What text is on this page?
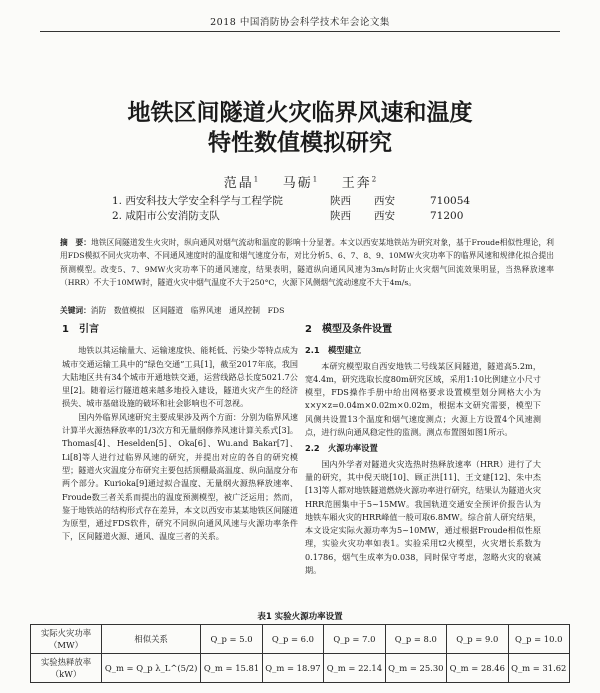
2018 中国消防协会科学技术年会论文集
地铁区间隧道火灾临界风速和温度
特性数值模拟研究
范晶$^1$ 马砺$^1$ 王奔$^2$
1. 西安科技大学安全科学与工程学院	陕西 西安	710054
2. 咸阳市公安消防支队	陕西 西安	71200
摘　要：地铁区间隧道发生火灾时，纵向通风对烟气流动和温度的影响十分显著。本文以西安某地铁站为研究对象，基于Froude相似性理论，利用FDS模拟不同火灾功率、不同通风速度时的温度和烟气速度分布，对比分析5、6、7、8、9、10MW火灾功率下的临界风速和规律化拟合提出预测模型。改变5、7、9MW火灾功率下的通风速度，结果表明，隧道纵向通风风速为3m/s时防止火灾烟气回流效果明显，当热释放速率（HRR）不大于10MW时，隧道火灾中烟气温度不大于250°C，火源下风侧烟气流动速度不大于4m/s。
关键词：消防　数值模拟　区间隧道　临界风速　通风控制　FDS
1　引言

地铁以其运输量大、运输速度快、能耗低、污染少等特点成为城市交通运输工具中的“绿色交通”工具[1]，截至2017年底，我国大陆地区共有34个城市开通地铁交通，运营线路总长度5021.7公里[2]。随着运行隧道越来越多地投入建设，隧道火灾产生的经济损失、城市基础设施的破坏和社会影响也不可忽视。

国内外临界风速研究主要成果涉及两个方面：分别为临界风速计算半火源热释放率的1/3次方和无量纲修养风速计算关系式[3]。Thomas[4]、Heselden[5]、Oka[6]、Wu.and Bakar[7]、Li[8]等人进行过临界风速的研究，并提出对应的各自的研究模型；隧道火灾温度分布研究主要包括顶棚最高温度、纵向温度分布两个部分。Kurioka[9]通过拟合温度、无量纲火源热释放速率、Froude数三者关系而提出的温度预测模型，被广泛运用；然而，鉴于地铁站的结构形式存在差异，本文以西安市某某地铁区间隧道为原型，通过FDS软件，研究不同纵向通风风速与火源功率条件下，区间隧道火源、通风、温度三者的关系。

2　模型及条件设置
2.1　模型建立

本研究模型取自西安地铁二号线某区间隧道，隧道高5.2m，宽4.4m，研究选取长度80m研究区域，采用1:10比例建立小尺寸模型，FDS操作手册中给出网格要求设置模型划分网格大小为x×y×z=0.04m×0.02m×0.02m，根据本文研究需要，模型下风侧共设置13个温度和烟气速度测点；火源上方设置4个风速测点，进行纵向通风稳定性的监测。测点布置图如图1所示。

2.2　火源功率设置

国内外学者对隧道火灾选热时热释放速率（HRR）进行了大量的研究，其中倪天晓[10]、顾正洪[11]、王文建[12]、朱中杰[13]等人都对地铁隧道燃烧火源功率进行研究，结果认为隧道火灾HRR范围集中于5~15MW。我国轨道交通安全预评价报告认为地铁车厢火灾的HRR峰值一般可取6.8MW。综合前人研究结果，本文设定实际火源功率为5~10MW，通过根据Froude相似性原理，实验火灾功率如表1。实验采用t2火模型，火灾增长系数为0.1786，烟气生成率为0.038，同时保守考虑，忽略火灾的衰减期。

表1 实验火源功率设置
实际火灾功率（MW）	相似关系	Q_p = 5.0	Q_p = 6.0	Q_p = 7.0	Q_p = 8.0	Q_p = 9.0	Q_p = 10.0
实验热释放率（kW）	Q_m = Q_p λ_L^(5/2)	Q_m = 15.81	Q_m = 18.97	Q_m = 22.14	Q_m = 25.30	Q_m = 28.46	Q_m = 31.62
